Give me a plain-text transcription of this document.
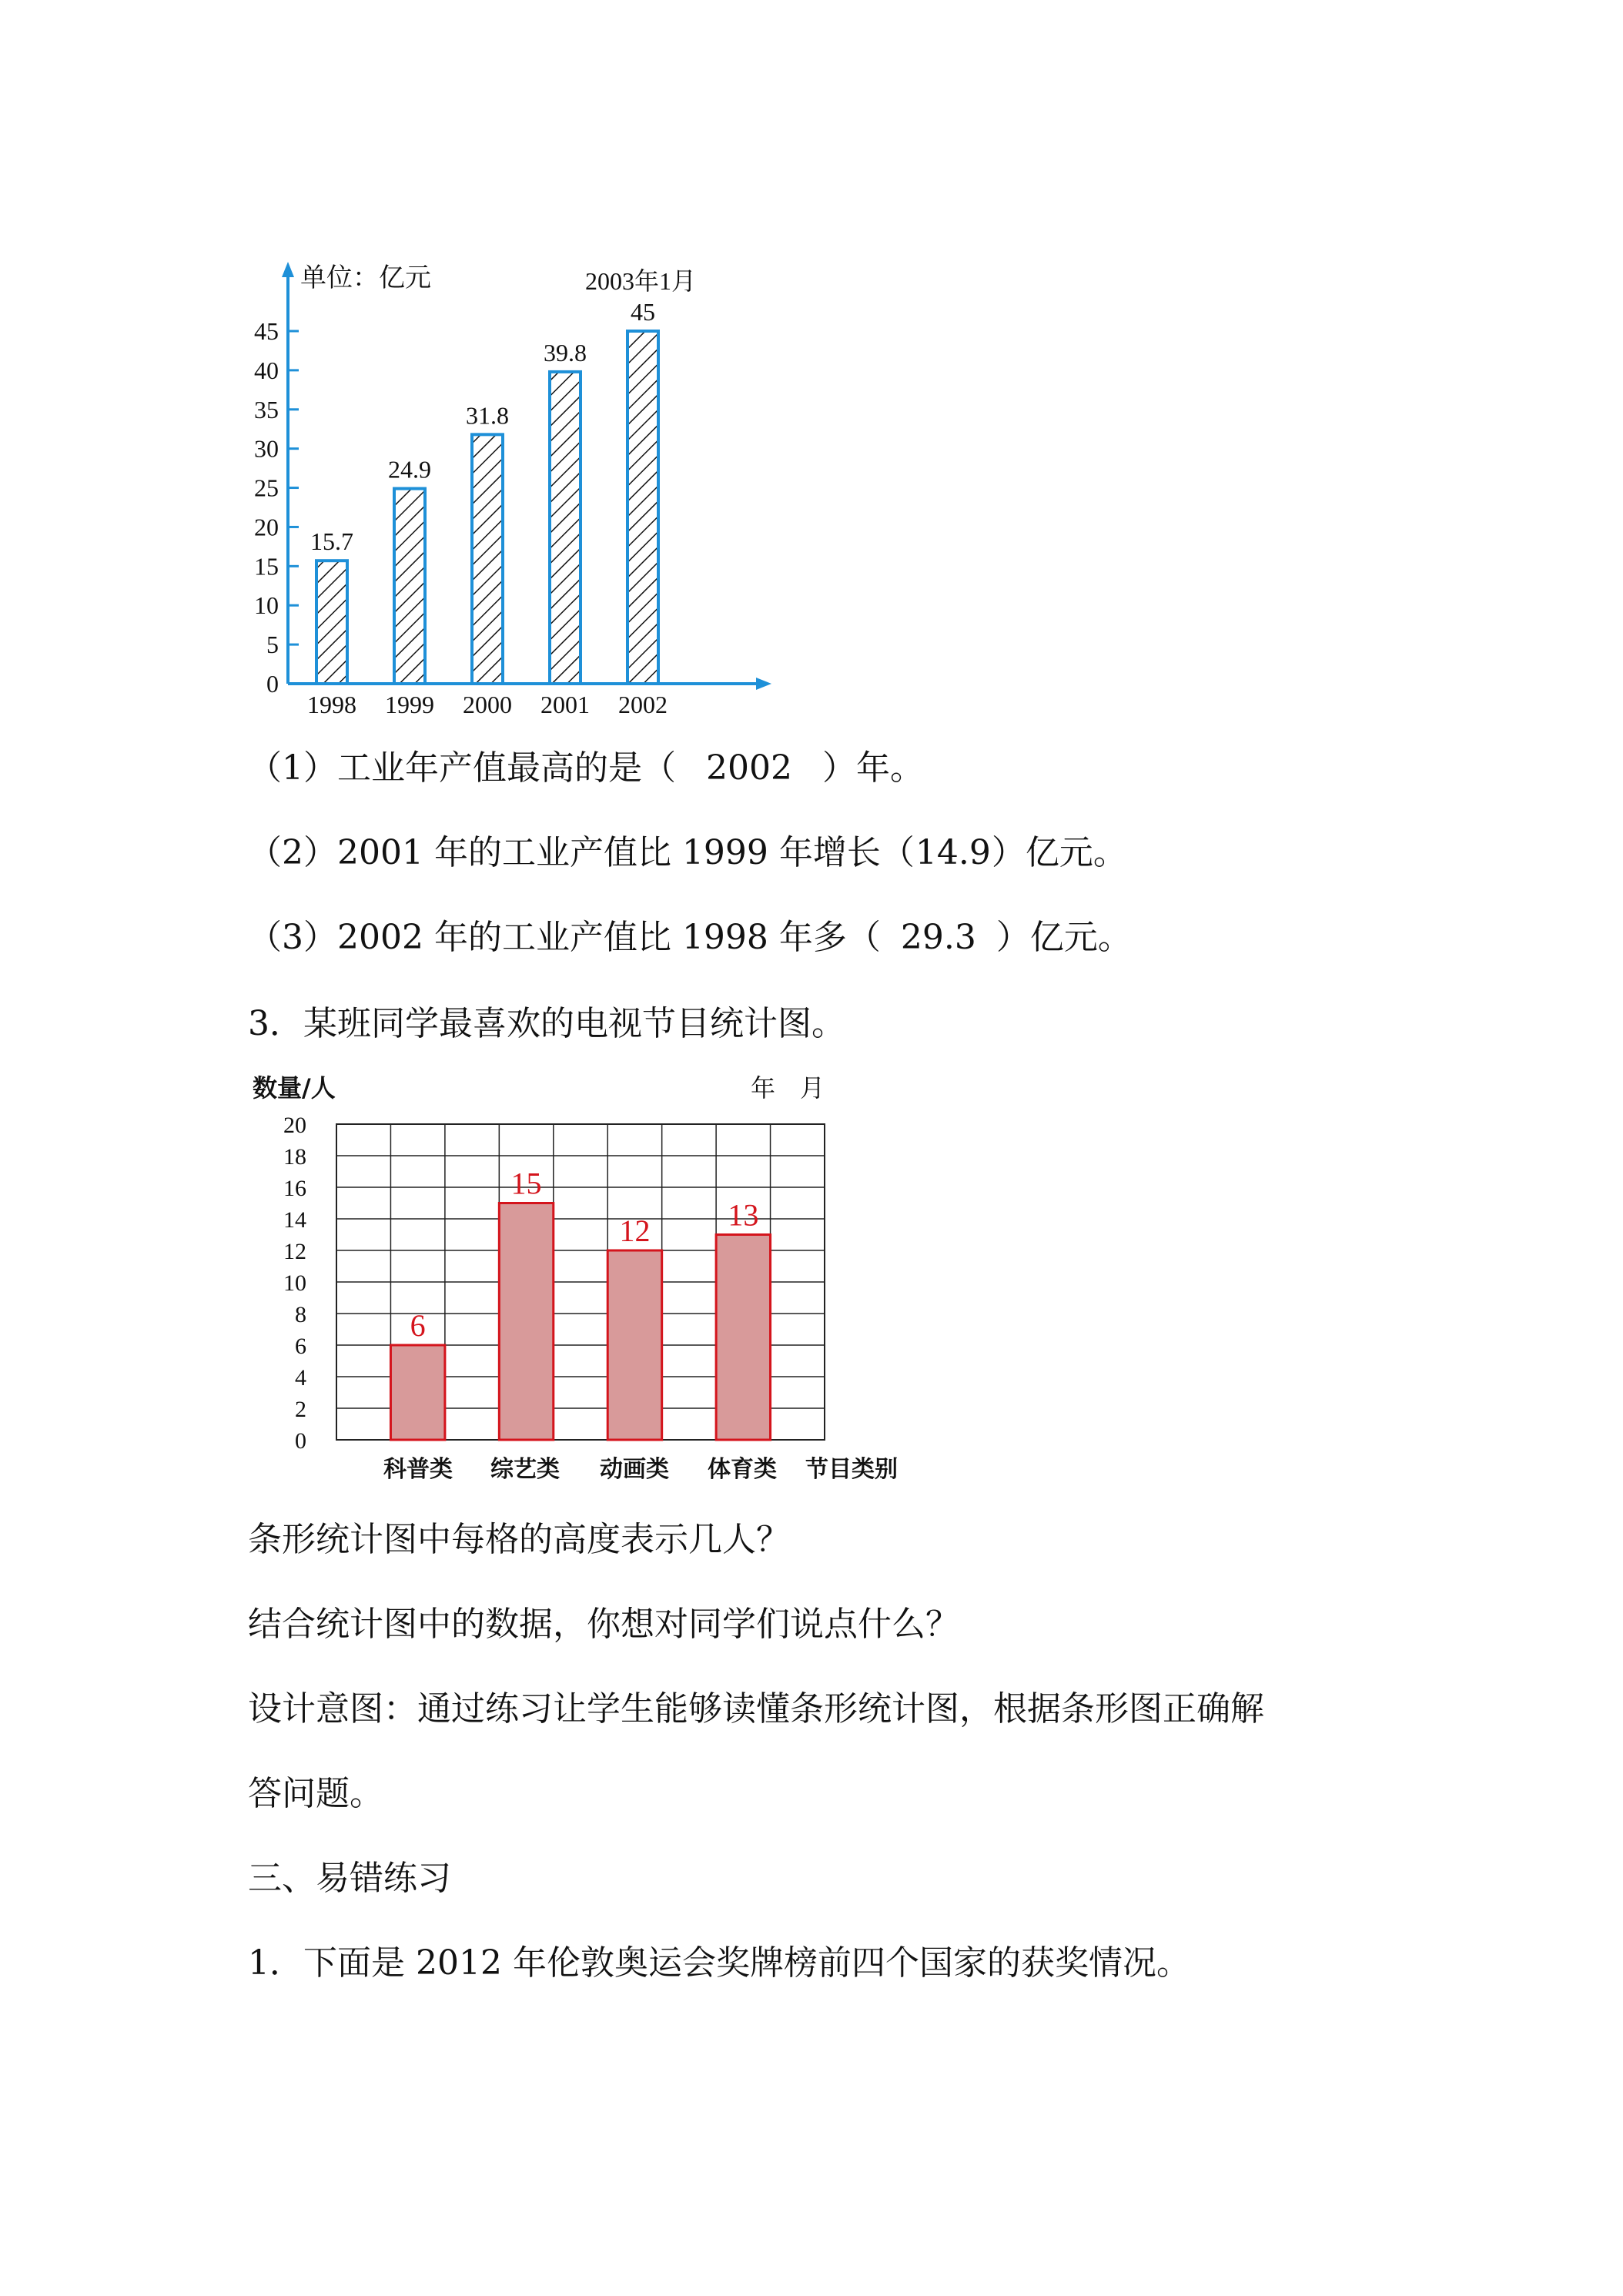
0
5
10
15
20
25
30
35
40
45
15.7
1998
24.9
1999
31.8
2000
39.8
2001
45
2002
单位：亿元	2003年1月
（1）工业年产值最高的是（ 2002 ）年。
（2）2001 年的工业产值比 1999 年增长（14.9）亿元。
（3）2002 年的工业产值比 1998 年多（ 29.3 ）亿元。
3．某班同学最喜欢的电视节目统计图。
0
2
4
6
8
10
12
14
16
18
20
6
科普类
15
综艺类
12
动画类
13
体育类
数量/人	年　月
节目类别
条形统计图中每格的高度表示几人？
结合统计图中的数据，你想对同学们说点什么？
设计意图：通过练习让学生能够读懂条形统计图，根据条形图正确解
答问题。
三、易错练习
1．下面是 2012 年伦敦奥运会奖牌榜前四个国家的获奖情况。
